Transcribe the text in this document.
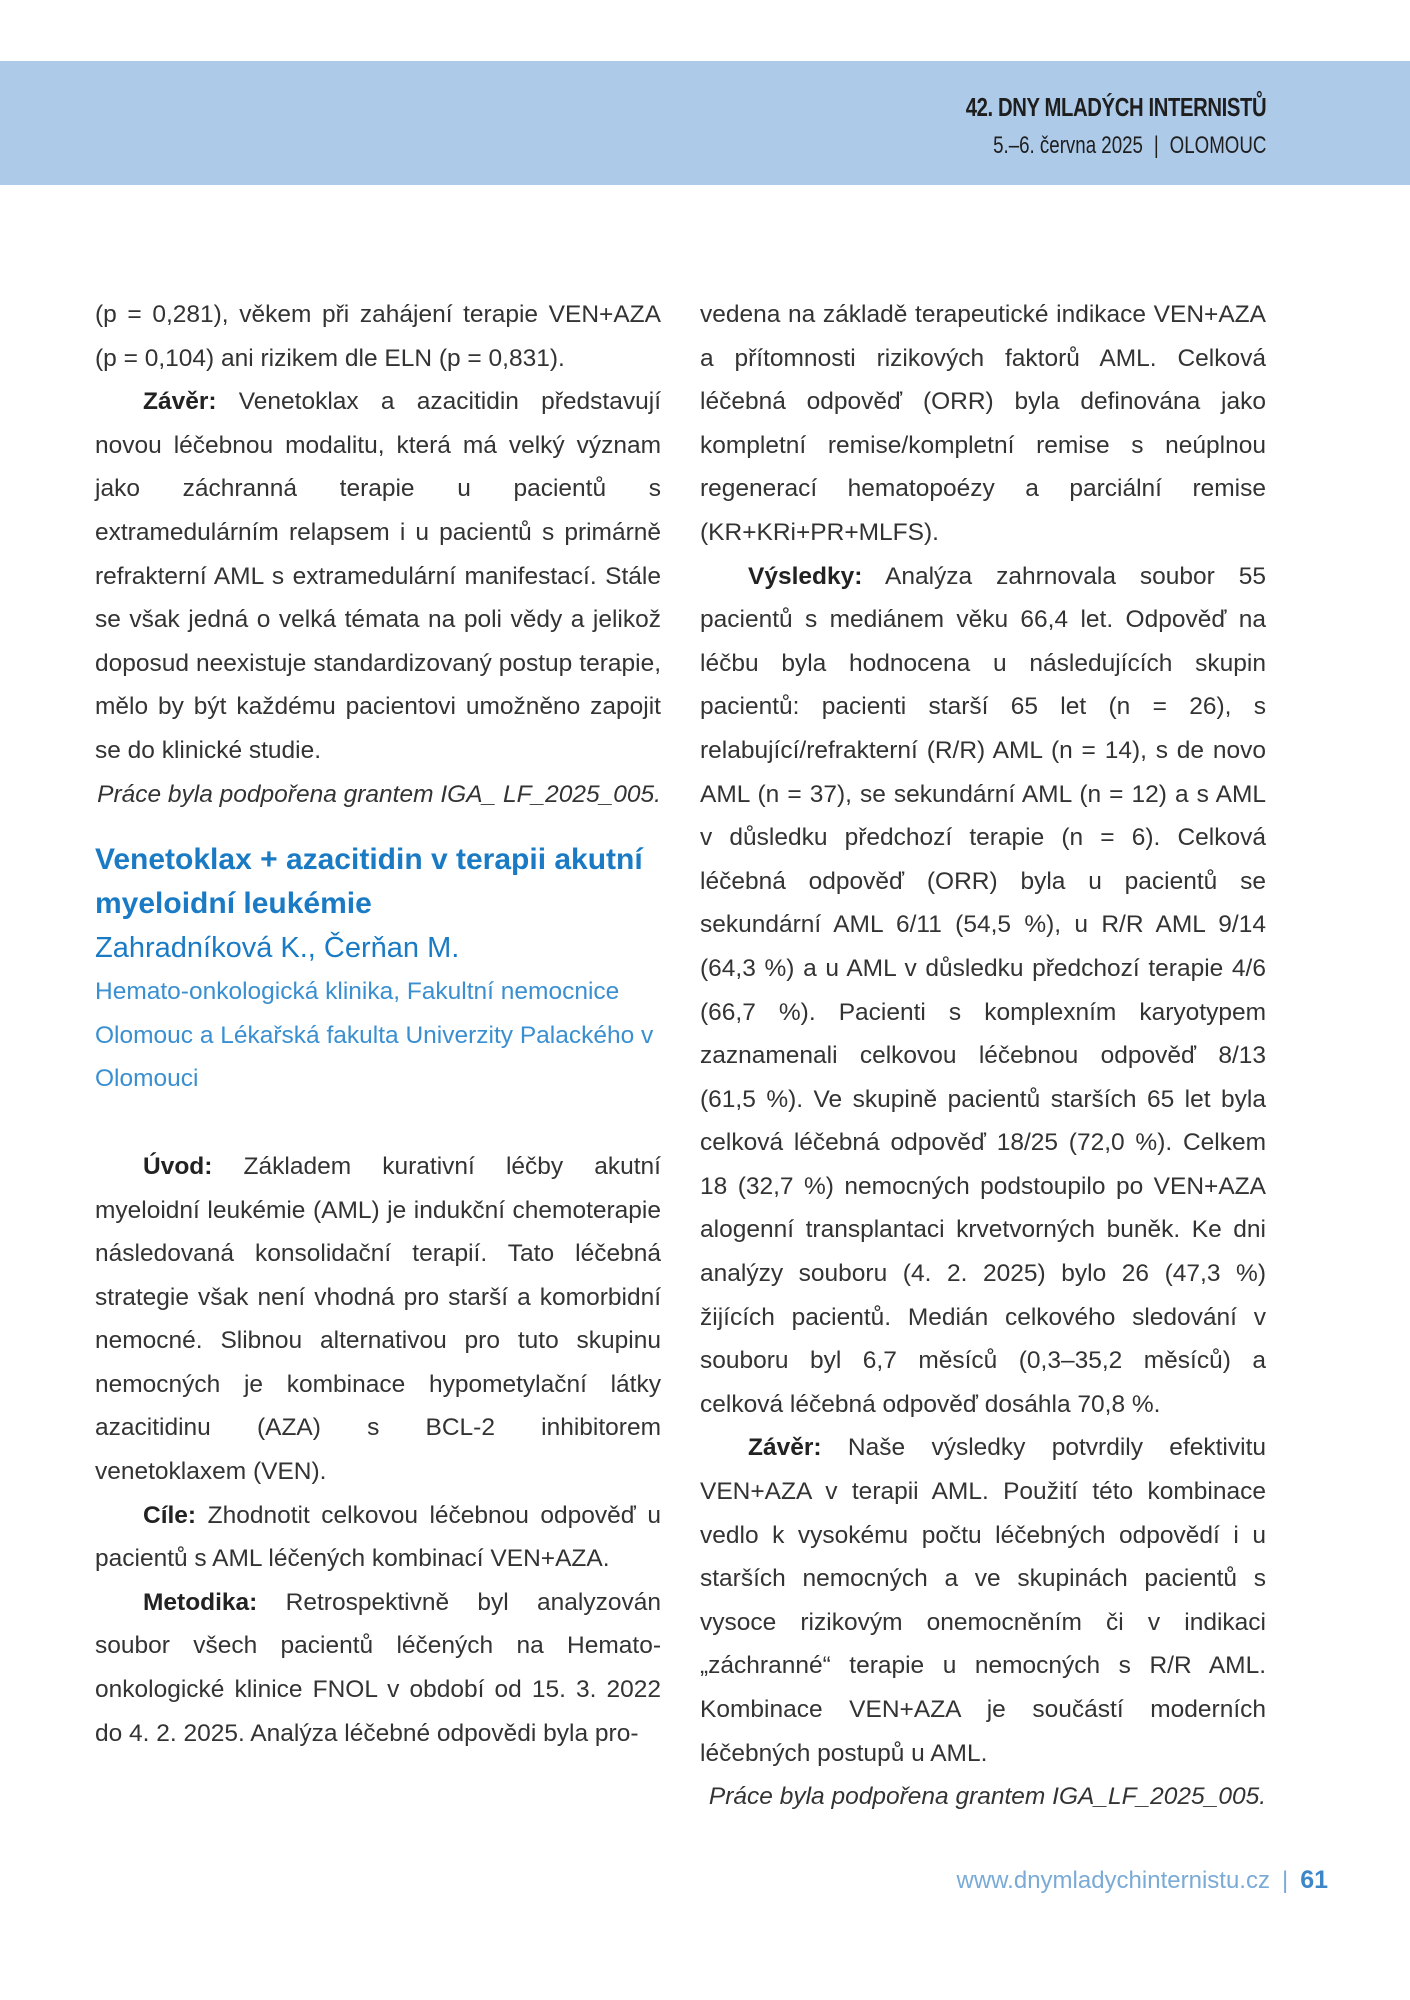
42. DNY MLADÝCH INTERNISTŮ
5.–6. června 2025 | OLOMOUC

(p = 0,281), věkem při zahájení terapie VEN+AZA (p = 0,104) ani rizikem dle ELN (p = 0,831).

Závěr: Venetoklax a azacitidin představují novou léčebnou modalitu, která má velký význam jako záchranná terapie u pacientů s extramedulárním relapsem i u pacientů s primárně refrakterní AML s extramedulární manifestací. Stále se však jedná o velká témata na poli vědy a jelikož doposud neexistuje standardizovaný postup terapie, mělo by být každému pacientovi umožněno zapojit se do klinické studie.

Práce byla podpořena grantem IGA_ LF_2025_005.

Venetoklax + azacitidin v terapii akutní myeloidní leukémie
Zahradníková K., Čerňan M.
Hemato-onkologická klinika, Fakultní nemocnice Olomouc a Lékařská fakulta Univerzity Palackého v Olomouci

Úvod: Základem kurativní léčby akutní myeloidní leukémie (AML) je indukční chemoterapie následovaná konsolidační terapií. Tato léčebná strategie však není vhodná pro starší a komorbidní nemocné. Slibnou alternativou pro tuto skupinu nemocných je kombinace hypometylační látky azacitidinu (AZA) s BCL-2 inhibitorem venetoklaxem (VEN).

Cíle: Zhodnotit celkovou léčebnou odpověď u pacientů s AML léčených kombinací VEN+AZA.

Metodika: Retrospektivně byl analyzován soubor všech pacientů léčených na Hemato-onkologické klinice FNOL v období od 15. 3. 2022 do 4. 2. 2025. Analýza léčebné odpovědi byla pro-

vedena na základě terapeutické indikace VEN+AZA a přítomnosti rizikových faktorů AML. Celková léčebná odpověď (ORR) byla definována jako kompletní remise/kompletní remise s neúplnou regenerací hematopoézy a parciální remise (KR+KRi+PR+MLFS).

Výsledky: Analýza zahrnovala soubor 55 pacientů s mediánem věku 66,4 let. Odpověď na léčbu byla hodnocena u následujících skupin pacientů: pacienti starší 65 let (n = 26), s relabující/refrakterní (R/R) AML (n = 14), s de novo AML (n = 37), se sekundární AML (n = 12) a s AML v důsledku předchozí terapie (n = 6). Celková léčebná odpověď (ORR) byla u pacientů se sekundární AML 6/11 (54,5 %), u R/R AML 9/14 (64,3 %) a u AML v důsledku předchozí terapie 4/6 (66,7 %). Pacienti s komplexním karyotypem zaznamenali celkovou léčebnou odpověď 8/13 (61,5 %). Ve skupině pacientů starších 65 let byla celková léčebná odpověď 18/25 (72,0 %). Celkem 18 (32,7 %) nemocných podstoupilo po VEN+AZA alogenní transplantaci krvetvorných buněk. Ke dni analýzy souboru (4. 2. 2025) bylo 26 (47,3 %) žijících pacientů. Medián celkového sledování v souboru byl 6,7 měsíců (0,3–35,2 měsíců) a celková léčebná odpověď dosáhla 70,8 %.

Závěr: Naše výsledky potvrdily efektivitu VEN+AZA v terapii AML. Použití této kombinace vedlo k vysokému počtu léčebných odpovědí i u starších nemocných a ve skupinách pacientů s vysoce rizikovým onemocněním či v indikaci „záchranné“ terapie u nemocných s R/R AML. Kombinace VEN+AZA je součástí moderních léčebných postupů u AML.

Práce byla podpořena grantem IGA_LF_2025_005.

www.dnymladychinternistu.cz | 61
